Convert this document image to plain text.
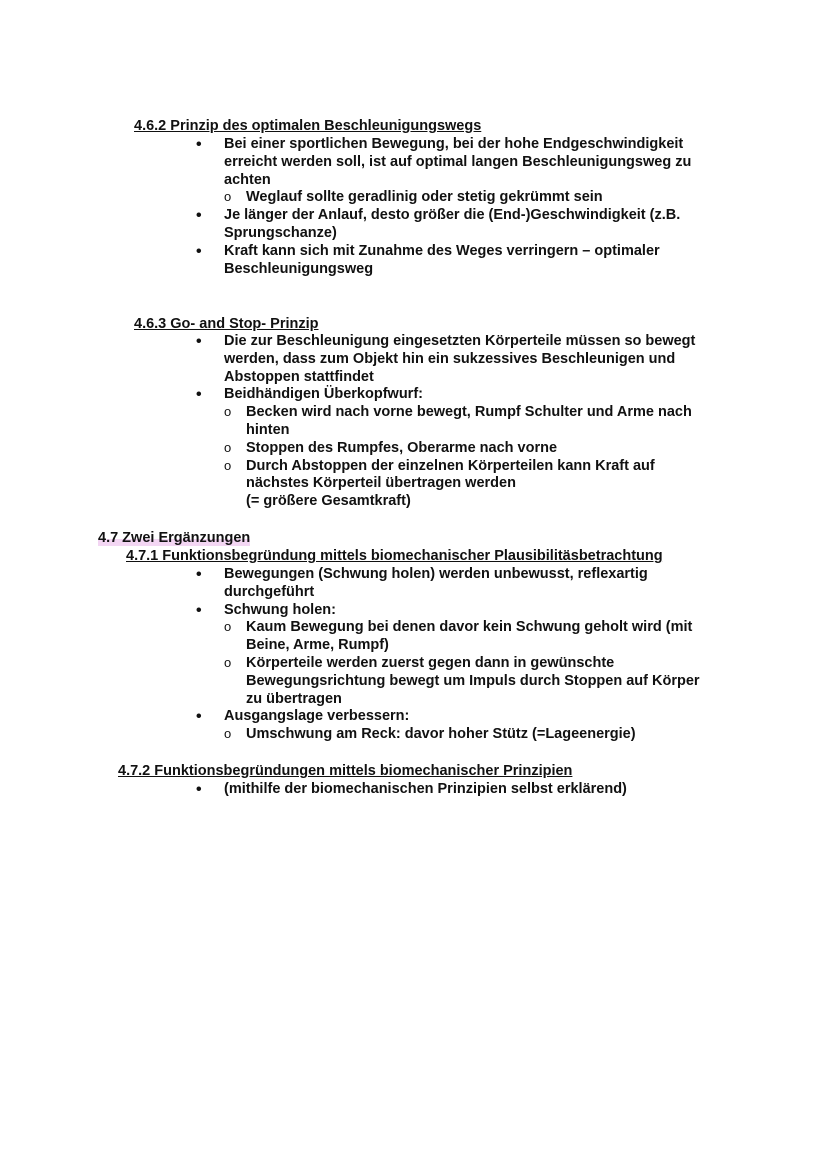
4.6.2 Prinzip des optimalen Beschleunigungswegs
• Bei einer sportlichen Bewegung, bei der hohe Endgeschwindigkeit erreicht werden soll, ist auf optimal langen Beschleunigungsweg zu achten
o Weglauf sollte geradlinig oder stetig gekrümmt sein
• Je länger der Anlauf, desto größer die (End-)Geschwindigkeit (z.B. Sprungschanze)
• Kraft kann sich mit Zunahme des Weges verringern – optimaler Beschleunigungsweg
4.6.3 Go- and Stop- Prinzip
• Die zur Beschleunigung eingesetzten Körperteile müssen so bewegt werden, dass zum Objekt hin ein sukzessives Beschleunigen und Abstoppen stattfindet
• Beidhändigen Überkopfwurf:
o Becken wird nach vorne bewegt, Rumpf Schulter und Arme nach hinten
o Stoppen des Rumpfes, Oberarme nach vorne
o Durch Abstoppen der einzelnen Körperteilen kann Kraft auf nächstes Körperteil übertragen werden
(= größere Gesamtkraft)
4.7 Zwei Ergänzungen
4.7.1 Funktionsbegründung mittels biomechanischer Plausibilitäsbetrachtung
• Bewegungen (Schwung holen) werden unbewusst, reflexartig durchgeführt
• Schwung holen:
o Kaum Bewegung bei denen davor kein Schwung geholt wird (mit Beine, Arme, Rumpf)
o Körperteile werden zuerst gegen dann in gewünschte Bewegungsrichtung bewegt um Impuls durch Stoppen auf Körper zu übertragen
• Ausgangslage verbessern:
o Umschwung am Reck: davor hoher Stütz (=Lageenergie)
4.7.2 Funktionsbegründungen mittels biomechanischer Prinzipien
• (mithilfe der biomechanischen Prinzipien selbst erklärend)
